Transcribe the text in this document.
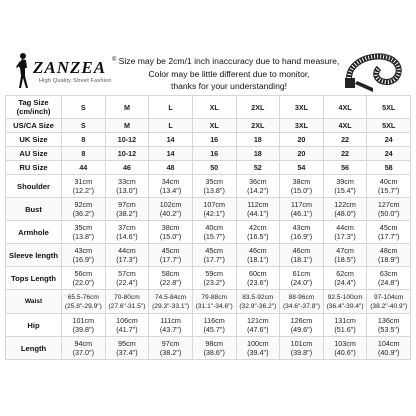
ZANZEA ®
High Quality Street Fashion
Size may be 2cm/1 inch inaccuracy due to hand measure,
Color may be little different due to monitor,
thanks for your understanding!
Tag Size
(cm/inch)	S	M	L	XL	2XL	3XL	4XL	5XL
US/CA Size	S	M	L	XL	2XL	3XL	4XL	5XL
UK Size	8	10-12	14	16	18	20	22	24
AU Size	8	10-12	14	16	18	20	22	24
RU Size	44	46	48	50	52	54	56	58
Shoulder	31cm
(12.2")	33cm
(13.0")	34cm
(13.4")	35cm
(13.8")	36cm
(14.2")	38cm
(15.0")	39cm
(15.4")	40cm
(15.7")

Bust	92cm
(36.2")	97cm
(38.2")	102cm
(40.2")	107cm
(42.1")	112cm
(44.1")	117cm
(46.1")	122cm
(48.0")	127cm
(50.0")

Armhole	35cm
(13.8")	37cm
(14.6")	38cm
(15.0")	40cm
(15.7")	42cm
(16.5")	43cm
(16.9")	44cm
(17.3")	45cm
(17.7")

Sleeve length	43cm
(16.9")	44cm
(17.3")	45cm
(17.7")	45cm
(17.7")	46cm
(18.1")	46cm
(18.1")	47cm
(18.5")	48cm
(18.9")

Tops Length	56cm
(22.0")	57cm
(22.4")	58cm
(22.8")	59cm
(23.2")	60cm
(23.6")	61cm
(24.0")	62cm
(24.4")	63cm
(24.8")

Waist	65.5-76cm
(25.8"-29.9")	70-80cm
(27.6"-31.5")	74.5-84cm
(29.3"-33.1")	79-88cm
(31.1"-34.6")	83.5-92cm
(32.9"-36.2")	88-96cm
(34.6"-37.8")	92.5-100cm
(36.4"-39.4")	97-104cm
(38.2"-40.9")

Hip	101cm
(39.8")	106cm
(41.7")	111cm
(43.7")	116cm
(45.7")	121cm
(47.6")	126cm
(49.6")	131cm
(51.6")	136cm
(53.5")

Length	94cm
(37.0")	95cm
(37.4")	97cm
(38.2")	98cm
(38.6")	100cm
(39.4")	101cm
(39.8")	103cm
(40.6")	104cm
(40.9")
